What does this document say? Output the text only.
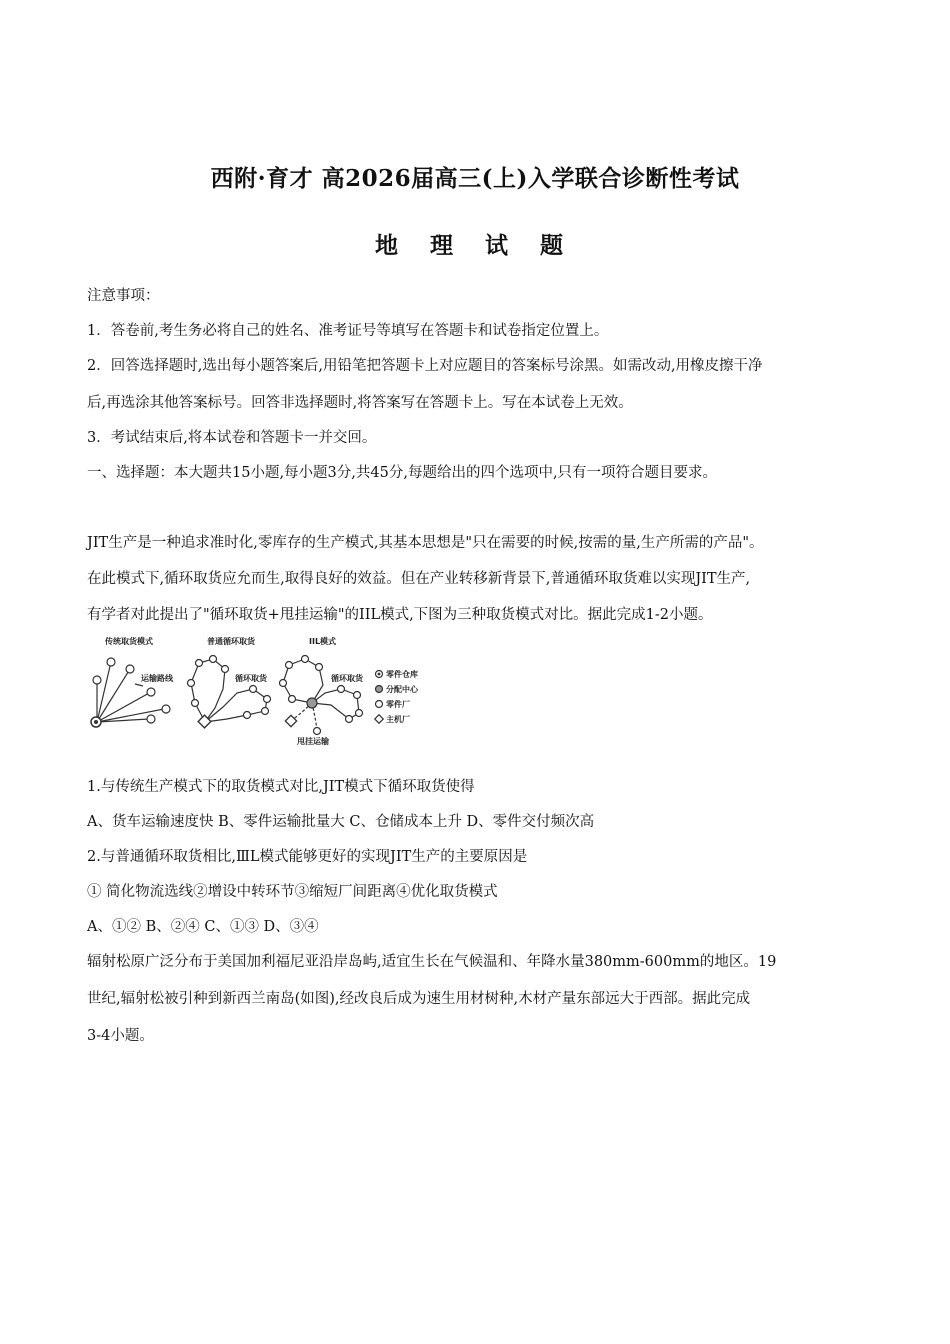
西附·育才 高2026届高三(上)入学联合诊断性考试
地 理 试 题
注意事项：
1．答卷前,考生务必将自己的姓名、准考证号等填写在答题卡和试卷指定位置上。
2．回答选择题时,选出每小题答案后,用铅笔把答题卡上对应题目的答案标号涂黑。如需改动,用橡皮擦干净
后,再选涂其他答案标号。回答非选择题时,将答案写在答题卡上。写在本试卷上无效。
3．考试结束后,将本试卷和答题卡一并交回。
一、选择题：本大题共15小题,每小题3分,共45分,每题给出的四个选项中,只有一项符合题目要求。
JIT生产是一种追求准时化,零库存的生产模式,其基本思想是"只在需要的时候,按需的量,生产所需的产品"。
在此模式下,循环取货应允而生,取得良好的效益。但在产业转移新背景下,普通循环取货难以实现JIT生产,
有学者对此提出了"循环取货+甩挂运输"的IIL模式,下图为三种取货模式对比。据此完成1-2小题。
传统取货模式
运输路线
普通循环取货
循环取货
IIL模式
循环取货
甩挂运输
零件仓库
分配中心
零件厂
主机厂
1.与传统生产模式下的取货模式对比,JIT模式下循环取货使得
A、货车运输速度快 B、零件运输批量大 C、仓储成本上升 D、零件交付频次高
2.与普通循环取货相比,ⅢL模式能够更好的实现JIT生产的主要原因是
① 简化物流选线②增设中转环节③缩短厂间距离④优化取货模式
A、①② B、②④ C、①③ D、③④
辐射松原广泛分布于美国加利福尼亚沿岸岛屿,适宜生长在气候温和、年降水量380mm-600mm的地区。19
世纪,辐射松被引种到新西兰南岛(如图),经改良后成为速生用材树种,木材产量东部远大于西部。据此完成
3-4小题。
